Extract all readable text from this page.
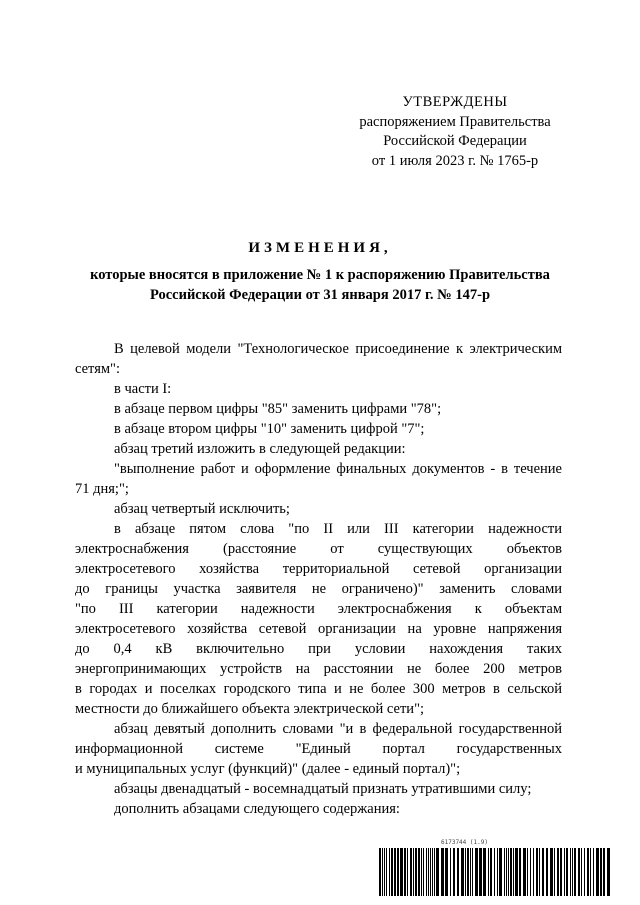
УТВЕРЖДЕНЫ
распоряжением Правительства
Российской Федерации
от 1 июля 2023 г. № 1765-р
ИЗМЕНЕНИЯ,
которые вносятся в приложение № 1 к распоряжению Правительства
Российской Федерации от 31 января 2017 г. № 147-р
В целевой модели "Технологическое присоединение к электрическим
сетям":
в части I:
в абзаце первом цифры "85" заменить цифрами "78";
в абзаце втором цифры "10" заменить цифрой "7";
абзац третий изложить в следующей редакции:
"выполнение работ и оформление финальных документов - в течение
71 дня;";
абзац четвертый исключить;
в абзаце пятом слова "по II или III категории надежности
электроснабжения (расстояние от существующих объектов
электросетевого хозяйства территориальной сетевой организации
до границы участка заявителя не ограничено)" заменить словами
"по III категории надежности электроснабжения к объектам
электросетевого хозяйства сетевой организации на уровне напряжения
до 0,4 кВ включительно при условии нахождения таких
энергопринимающих устройств на расстоянии не более 200 метров
в городах и поселках городского типа и не более 300 метров в сельской
местности до ближайшего объекта электрической сети";
абзац девятый дополнить словами "и в федеральной государственной
информационной системе "Единый портал государственных
и муниципальных услуг (функций)" (далее - единый портал)";
абзацы двенадцатый - восемнадцатый признать утратившими силу;
дополнить абзацами следующего содержания:
6173744 (1.9)
